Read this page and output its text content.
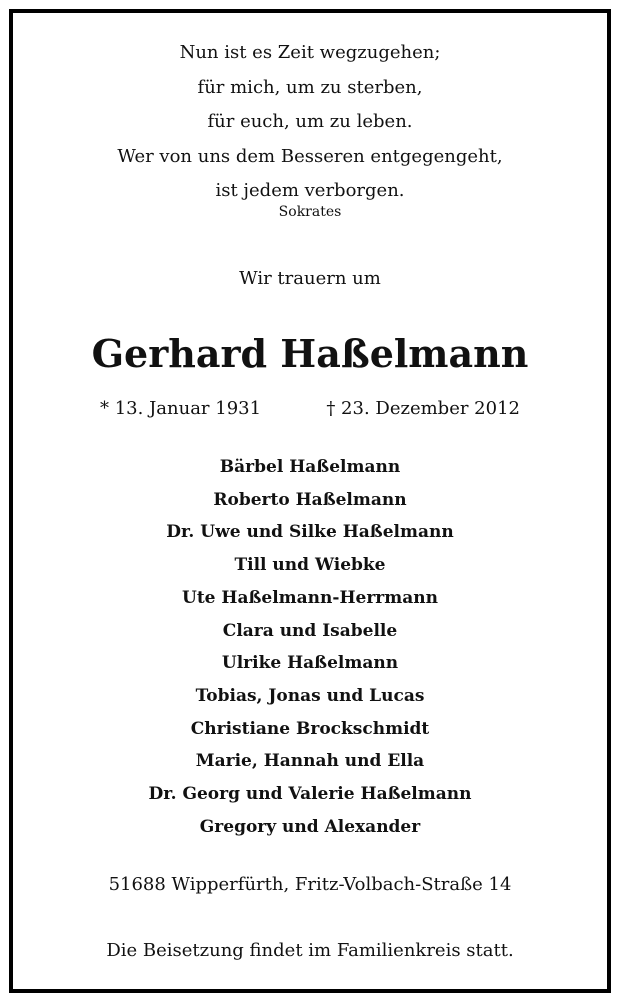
Nun ist es Zeit wegzugehen;
für mich, um zu sterben,
für euch, um zu leben.
Wer von uns dem Besseren entgegengeht,
ist jedem verborgen.
Sokrates
Wir trauern um
Gerhard Haßelmann
* 13. Januar 1931	† 23. Dezember 2012
Bärbel Haßelmann
Roberto Haßelmann
Dr. Uwe und Silke Haßelmann
Till und Wiebke
Ute Haßelmann-Herrmann
Clara und Isabelle
Ulrike Haßelmann
Tobias, Jonas und Lucas
Christiane Brockschmidt
Marie, Hannah und Ella
Dr. Georg und Valerie Haßelmann
Gregory und Alexander
51688 Wipperfürth, Fritz-Volbach-Straße 14
Die Beisetzung findet im Familienkreis statt.
